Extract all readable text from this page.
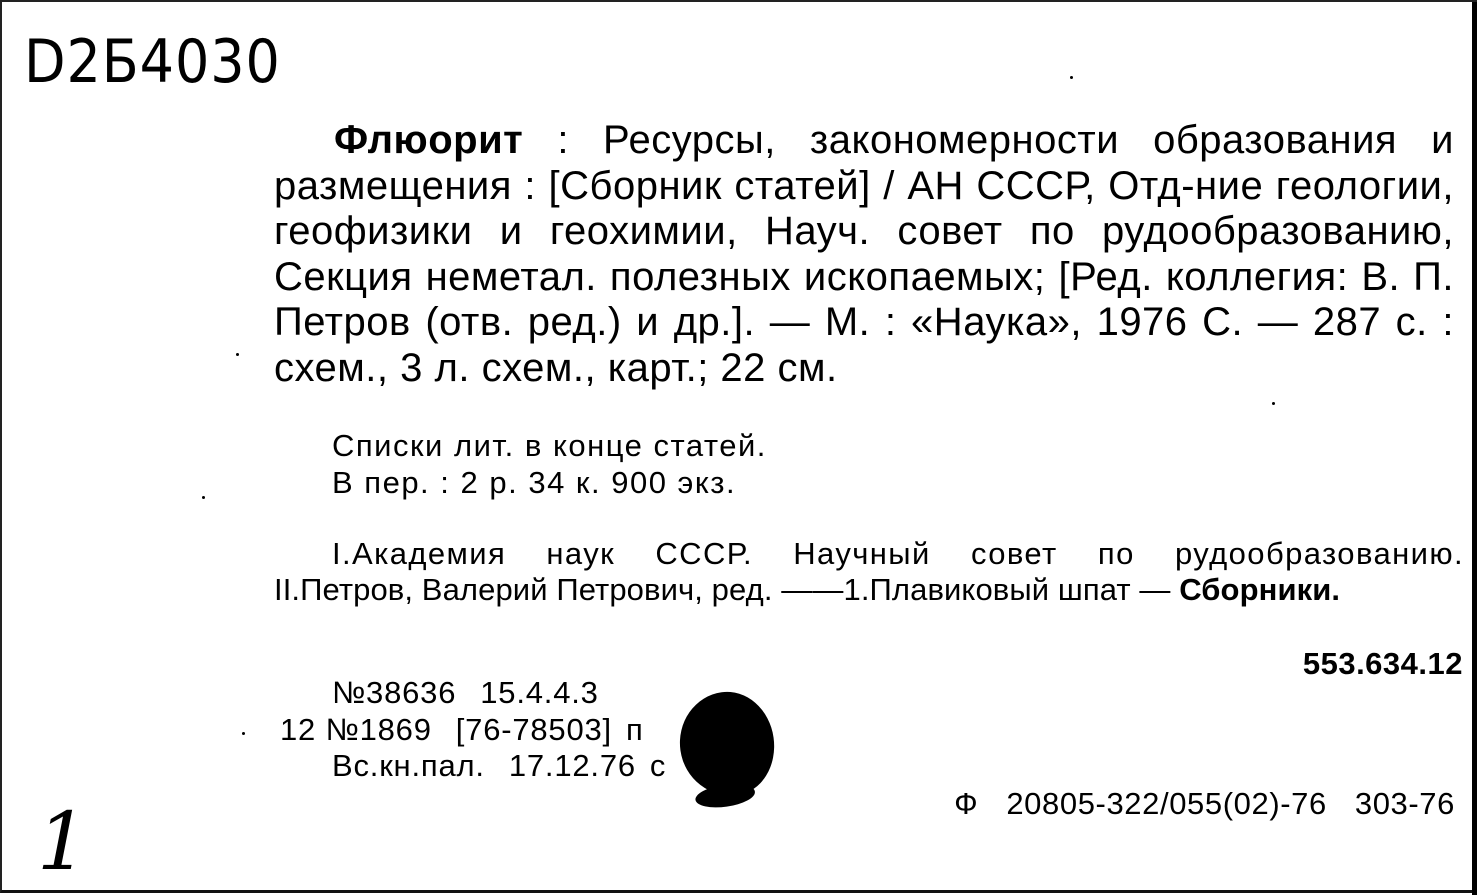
D2Б4030
Флюорит : Ресурсы, закономерности образования и размещения : [Сборник статей] / АН СССР, Отд-ние геологии, геофизики и геохимии, Науч. совет по рудообразованию, Секция неметал. полезных ископаемых; [Ред. коллегия: В. П. Петров (отв. ред.) и др.]. — М. : «Наука», 1976 С. — 287 с. : схем., 3 л. схем., карт.; 22 см.
Списки лит. в конце статей.
В пер. : 2 р. 34 к. 900 экз.
I.Академия наук СССР. Научный совет по рудообразованию.
II.Петров, Валерий Петрович, ред. ——1.Плавиковый шпат — Сборники.
553.634.12
№38636 15.4.4.3
12 №1869 [76-78503] п
Вс.кн.пал. 17.12.76 с
Ф 20805-322/055(02)-76 303-76
1
